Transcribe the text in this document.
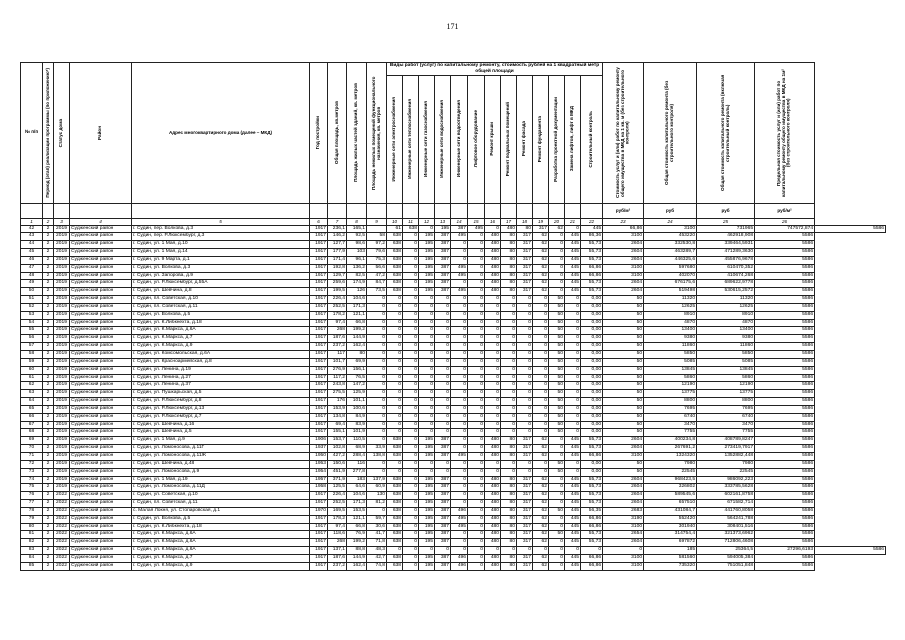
171
№ п/п	Период (этап) реализации программы (по приложению*)	Статус дома	Район	Адрес многоквартирного дома (далее – МКД)	Год постройки	Общая площадь, кв.метров	Площадь жилых частей зданий, кв. метров	Площадь нежилых помещений функционального назначения, кв. метров	Виды работ (услуг) по капитальному ремонту, стоимость рублей на 1 квадратный метр общей площади													Стоимость услуг и (или) работ по капитальному ремонту общего имущества в МКД на 1 кв. м (без строительного контроля)	Общая стоимость капитального ремонта (без строительного контроля)	Общая стоимость капитального ремонта (включая строительный контроль)	Предельная стоимость услуг и (или) работ по капитальному ремонту общего имущества в МКД на 1м² (без строительного контроля)	

									Инженерные сети электроснабжения	Инженерные сети теплоснабжения	Инженерные сети газоснабжения	Инженерные сети водоснабжения	Инженерные сети водоотведения	Лифтовое оборудование	Ремонт крыши	Ремонт подвальных помещений	Ремонт фасада	Ремонт фундамента	Разработка проектной документации	Замена лифтов, лифт в МКД	Строительный контроль					

																						руб/м²	руб	руб	руб/м²	
1	2	3	4	5	6	7	8	9	10	11	12	13	14	15	16	17	18	19	20	21	22	23	24	25	26	
42	2	2019	Судженский район	г. Судин, пер. Волкова, д.3	1917	236,1	165,1		61	638	0	195	387	495	0	480	80	317	62	0	445	66,86	3100	731965	747572,874	5586
43	2	2019	Судженский район	г. Судин, пер. Р.Люксембург, д.3	1917	146,2	92,5	58	638	0	195	387	495	0	480	80	317	62	0	445	86,36	3100	453220	462918,908	5586	
44	2	2019	Судженский район	г. Судин, ул. 1 Мая, д.10	1917	127,7	98,6	97,2	638	0	195	387	0	0	480	80	317	62	0	445	55,73	2604	332530,8	339464,5931	5586	
45	2	2019	Судженский район	г. Судин, ул. 1 Мая, д.14	1917	177,9	103	79,6	638	0	195	387	0	0	480	80	317	62	0	445	55,73	2604	463289,7	471289,3630	5586	
46	2	2019	Судженский район	г. Судин, ул. 9 Марта, д.1	1917	171,4	96,1	75,3	638	0	195	387	0	0	480	80	317	62	0	445	55,73	2604	446325,6	455876,9678	5586	
47	2	2019	Судженский район	г. Судин, ул. Волкова, д.3	1917	192,8	136,2	56,6	638	0	195	387	495	0	480	80	317	62	0	445	66,86	3100	597680	610470,352	5586	
48	2	2019	Судженский район	г. Судин, ул. Запорова, д.9	1917	129,7	82,5	47,2	638	0	195	387	495	0	480	80	317	62	0	445	66,86	3100	402070	410674,268	5586	
49	2	2019	Судженский район	г. Судин, ул. Р.Люксембург, д.55А	1917	259,6	174,9	84,7	638	0	195	387	0	0	480	80	317	62	0	445	55,73	2604	676175,6	689622,9778	5586	
50	2	2019	Судженский район	г. Судин, ул. Шевчина, д.8	1917	199,5	126	73,5	638	0	195	387	495	0	480	80	317	62	0	445	55,73	2604	519498	530615,2572	5586	
51	2	2019	Судженский район	г. Судин, пл. Советская, д.10	1917	226,4	104,6	0	0	0	0	0	0	0	0	0	0	0	50	0	0,00	50	11320	11320	5586	
52	2	2019	Судженский район	г. Судин, пл. Советская, д.11	1917	252,5	171,3	0	0	0	0	0	0	0	0	0	0	0	50	0	0,00	50	12625	12625	5586	
53	2	2019	Судженский район	г. Судин, ул. Волкова, д.5	1917	178,2	121,1	0	0	0	0	0	0	0	0	0	0	0	50	0	0,00	50	8910	8910	5586	
54	2	2019	Судженский район	г. Судин, ул. К.Либкнехта, д.18	1917	97,4	66,8	0	0	0	0	0	0	0	0	0	0	0	50	0	0,00	50	4870	4870	5586	
55	2	2019	Судженский район	г. Судин, ул. К.Маркса, д.6А	1917	268	199,2	0	0	0	0	0	0	0	0	0	0	0	50	0	0,00	50	13400	13400	5586	
56	2	2019	Судженский район	г. Судин, ул. К.Маркса, д.7	1917	187,6	144,9	0	0	0	0	0	0	0	0	0	0	0	50	0	0,00	50	9380	9380	5586	
57	2	2019	Судженский район	г. Судин, ул. К.Маркса, д.9	1917	237,2	162,4	0	0	0	0	0	0	0	0	0	0	0	50	0	0,00	50	11860	11860	5586	
58	2	2019	Судженский район	г. Судин, ул. Комсомольская, д.6А	1917	117	80	0	0	0	0	0	0	0	0	0	0	0	50	0	0,00	50	5850	5850	5586	
59	2	2019	Судженский район	г. Судин, ул. Красноармейская, д.8	1917	101,7	69,9	0	0	0	0	0	0	0	0	0	0	0	50	0	0,00	50	5085	5085	5586	
60	2	2019	Судженский район	г. Судин, ул. Ленина, д.19	1917	276,9	156,1	0	0	0	0	0	0	0	0	0	0	0	50	0	0,00	50	13845	13845	5586	
61	2	2019	Судженский район	г. Судин, ул. Ленина, д.27	1917	117,2	76,5	0	0	0	0	0	0	0	0	0	0	0	50	0	0,00	50	5860	5860	5586	
62	2	2019	Судженский район	г. Судин, ул. Ленина, д.37	1917	243,8	147,2	0	0	0	0	0	0	0	0	0	0	0	50	0	0,00	50	12190	12190	5586	
63	2	2019	Судженский район	г. Судин, ул. Пушкарьская, д.5	1917	275,5	125,9	0	0	0	0	0	0	0	0	0	0	0	50	0	0,00	50	13775	13775	5586	
64	2	2019	Судженский район	г. Судин, ул. Р.Люксембург, д.8	1917	176	101,1	0	0	0	0	0	0	0	0	0	0	0	50	0	0,00	50	8800	8800	5586	
65	2	2019	Судженский район	г. Судин, ул. Р.Люксембург, д.13	1917	153,9	100,6	0	0	0	0	0	0	0	0	0	0	0	50	0	0,00	50	7695	7695	5586	
66	2	2019	Судженский район	г. Судин, ул. Р.Люксембург, д.7	1917	134,8	84,9	0	0	0	0	0	0	0	0	0	0	0	50	0	0,00	50	6740	6740	5586	
67	2	2019	Судженский район	г. Судин, ул. Шевчина, д.16	1917	69,4	83,9	0	0	0	0	0	0	0	0	0	0	0	50	0	0,00	50	3470	3470	5586	
68	2	2019	Судженский район	г. Судин, ул. Шевчина, д.5	1917	155,1	101,9	0	0	0	0	0	0	0	0	0	0	0	50	0	0,00	50	7755	7755	5586	
69	2	2019	Судженский район	г. Судин, ул. 1 Мая, д.9	1906	153,7	110,5	0	638	0	195	387	0	0	480	80	317	62	0	445	55,73	2604	400234,8	408789,8247	5586	
70	2	2019	Судженский район	г. Судин, ул. Ломоносова, д.11Г	1937	102,8	68,9	33,9	638	0	195	387	0	0	480	80	317	62	0	445	55,73	2604	267691,2	273419,7917	5586	
71	2	2019	Судженский район	г. Судин, ул. Ломоносова, д.11Ж	1950	427,2	288,4	138,8	638	0	195	387	495	0	480	80	317	62	0	445	66,86	3100	1324320	1352882,448	5586	
72	2	2019	Судженский район	г. Судин, ул. Шевчина, д.48	1953	150,6	116	0	0	0	0	0	0	0	0	0	0	0	50	0	0,00	50	7980	7980	5586	
73	2	2019	Судженский район	г. Судин, ул. Ломоносова, д.9	1954	451,9	277,8	0	0	0	0	0	0	0	0	0	0	0	50	0	0,00	50	22545	22545	5586	
74	2	2019	Судженский район	г. Судин, ул. 1 Мая, д.19	1957	371,9	183	137,9	638	0	195	387	0	0	480	80	317	62	0	445	55,73	2604	968423,5	986092,223	5586	
75	2	2019	Судженский район	г. Судин, ул. Ломоносова, д.11Д	1958	125,5	64,6	60,9	638	0	195	387	0	0	480	80	317	62	0	445	55,73	2604	326802	333785,5628	5586	
76	2	2022	Судженский район	г. Судин, ул. Советская, д.10	1917	226,4	104,6	130	638	0	195	387	0	0	480	80	317	62	0	445	55,73	2604	589545,6	602161,8758	5586	
77	2	2022	Судженский район	г. Судин, пл. Советская, д.11	1917	252,5	171,3	81,2	638	0	195	387	0	0	480	80	317	62	0	445	55,73	2604	657510	671582,714	5586	
78	2	2022	Судженский район	с. Малая Локня, ул. Стопаровская, д.1	1970	169,5	153,5	0	638	0	195	387	496	0	480	80	317	62	50	445	56,35	2683	431084,7	441760,8058	5586	
79	2	2022	Судженский район	г. Судин, ул. Волкова, д.5	1917	178,2	121,1	59,7	638	0	195	387	495	0	480	80	317	62	0	445	66,86	3190	552420	564241,788	5586	
80	2	2022	Судженский район	г. Судин, ул. К.Либкнехта, д.18	1917	97,4	66,8	30,6	638	0	195	387	495	0	480	80	317	62	0	445	66,86	3100	301940	308401,516	5586	
81	2	2022	Судженский район	г. Судин, ул. К.Маркса, д.6А	1917	118,6	76,9	41,7	638	0	195	387	0	0	480	80	317	62	50	445	55,73	2654	314754,4	321373,6962	5586	
82	2	2022	Судженский район	г. Судин, ул. К.Маркса, д.6А	1917	268	199,2	71,8	638	0	195	387	0	0	480	80	317	62	0	445	55,73	2604	697872	712806,4608	5586	
83	2	2022	Судженский район	г. Судин, ул. К.Маркса, д.6А	1917	137,1	88,8	48,3	0	0	0	0	0	0	0	0	0	0	0	0	0	0	185	25364,5	27296,6193	5586
84	2	2022	Судженский район	г. Судин, ул. К.Маркса, д.7	1917	187,6	144,9	42,7	638	0	195	387	496	0	480	80	317	62	0	445	66,86	3100	581560	594005,384	5586	
85	2	2022	Судженский район	г. Судин, ул. К.Маркса, д.9	1917	237,2	162,4	74,8	638	0	195	387	496	0	480	80	317	62	0	445	66,86	3100	735320	751051,848	5586	
